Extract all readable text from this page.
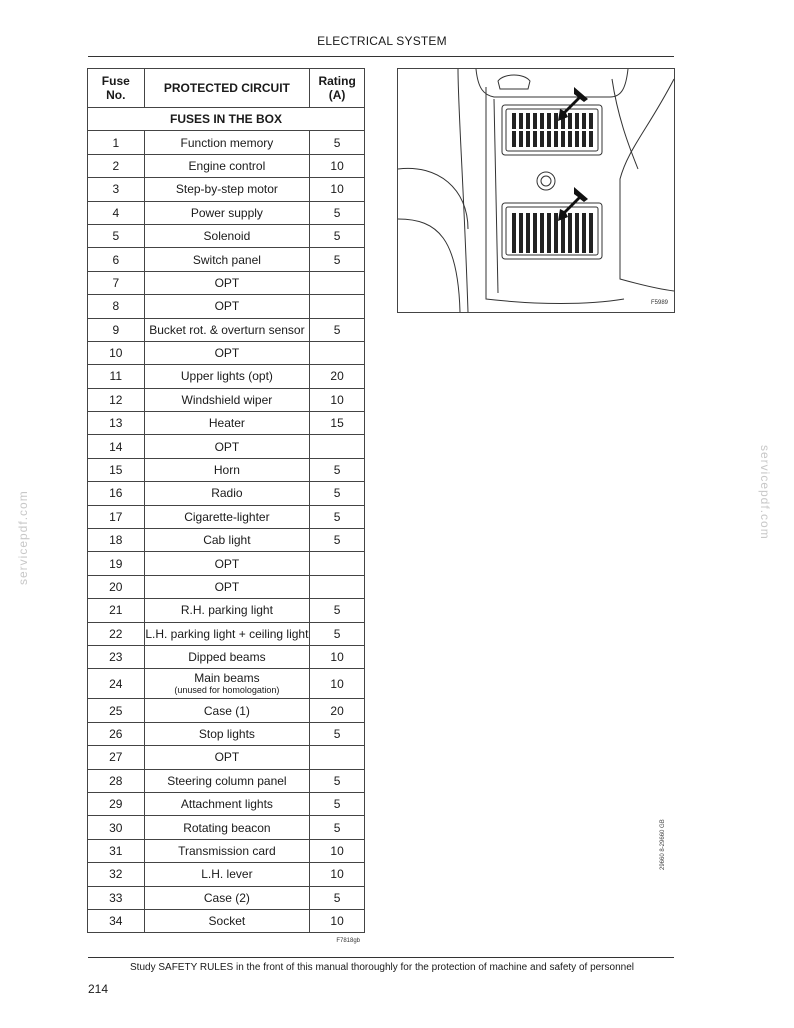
ELECTRICAL SYSTEM
Fuse
No.	PROTECTED CIRCUIT	Rating
(A)
FUSES IN THE BOX		
1	Function memory	5
2	Engine control	10
3	Step-by-step motor	10
4	Power supply	5
5	Solenoid	5
6	Switch panel	5
7	OPT	
8	OPT	
9	Bucket rot. & overturn sensor	5
10	OPT	
11	Upper lights (opt)	20
12	Windshield wiper	10
13	Heater	15
14	OPT	
15	Horn	5
16	Radio	5
17	Cigarette-lighter	5
18	Cab light	5
19	OPT	
20	OPT	
21	R.H. parking light	5
22	L.H. parking light + ceiling light	5
23	Dipped beams	10
24	Main beams
(unused for homologation)	10
25	Case (1)	20
26	Stop lights	5
27	OPT	
28	Steering column panel	5
29	Attachment lights	5
30	Rotating beacon	5
31	Transmission card	10
32	L.H. lever	10
33	Case (2)	5
34	Socket	10
F7818gb
F5989
servicepdf.com	servicepdf.com
29660 8-29660 GB
Study SAFETY RULES in the front of this manual thoroughly for the protection of machine and safety of personnel
214
